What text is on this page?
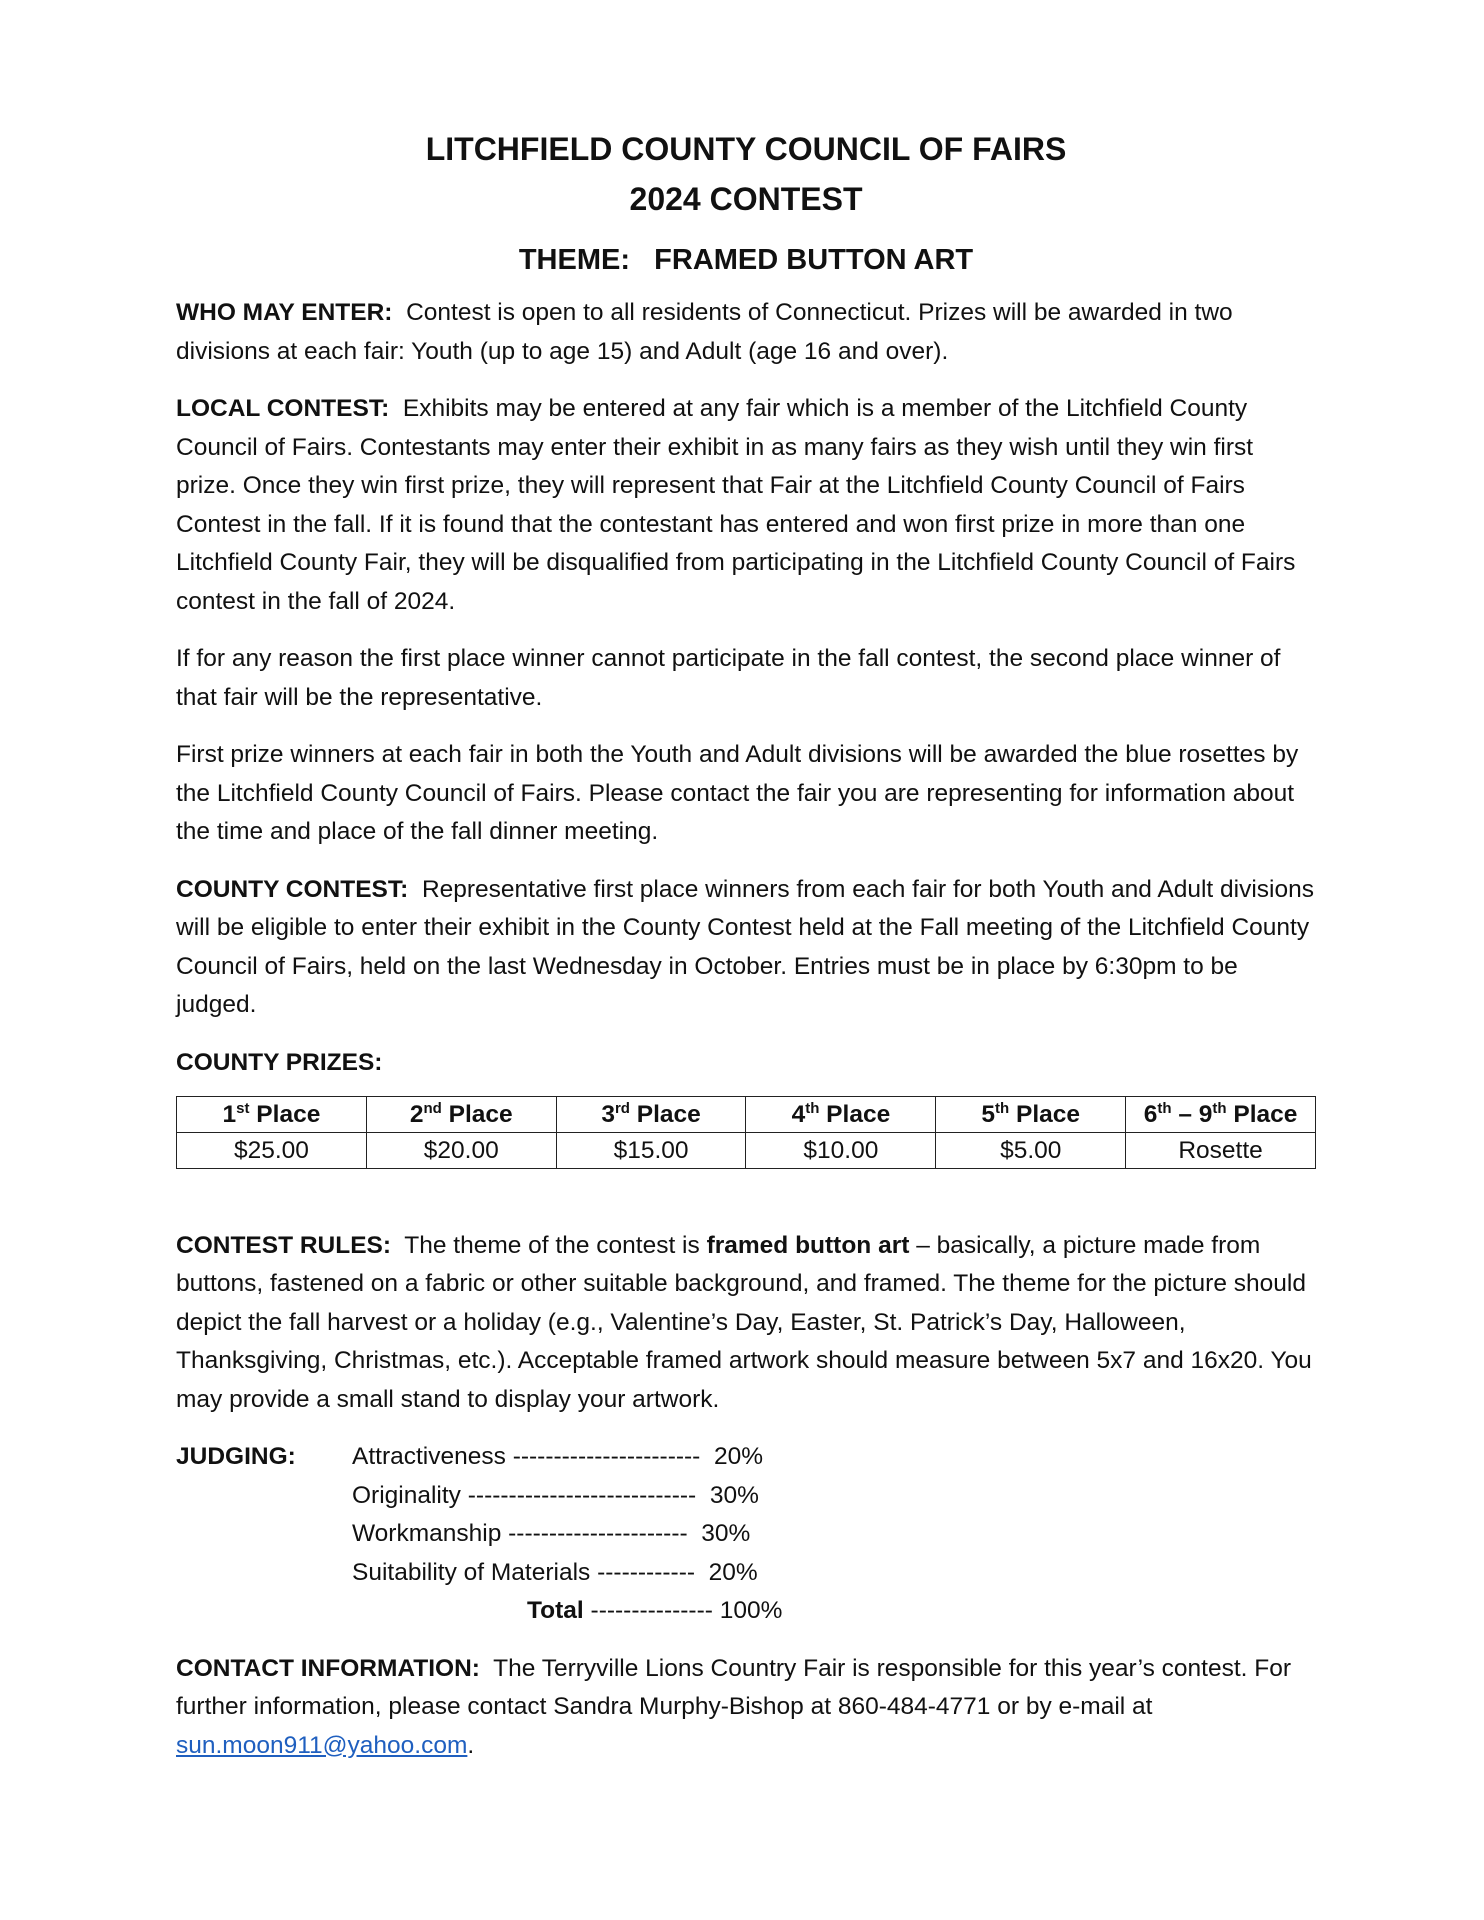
LITCHFIELD COUNTY COUNCIL OF FAIRS
2024 CONTEST
THEME:   FRAMED BUTTON ART

WHO MAY ENTER: Contest is open to all residents of Connecticut. Prizes will be awarded in two divisions at each fair: Youth (up to age 15) and Adult (age 16 and over).

LOCAL CONTEST: Exhibits may be entered at any fair which is a member of the Litchfield County Council of Fairs. Contestants may enter their exhibit in as many fairs as they wish until they win first prize. Once they win first prize, they will represent that Fair at the Litchfield County Council of Fairs Contest in the fall. If it is found that the contestant has entered and won first prize in more than one Litchfield County Fair, they will be disqualified from participating in the Litchfield County Council of Fairs contest in the fall of 2024.

If for any reason the first place winner cannot participate in the fall contest, the second place winner of that fair will be the representative.

First prize winners at each fair in both the Youth and Adult divisions will be awarded the blue rosettes by the Litchfield County Council of Fairs. Please contact the fair you are representing for information about the time and place of the fall dinner meeting.

COUNTY CONTEST: Representative first place winners from each fair for both Youth and Adult divisions will be eligible to enter their exhibit in the County Contest held at the Fall meeting of the Litchfield County Council of Fairs, held on the last Wednesday in October. Entries must be in place by 6:30pm to be judged.

COUNTY PRIZES:
1st Place	2nd Place	3rd Place	4th Place	5th Place	6th – 9th Place
$25.00	$20.00	$15.00	$10.00	$5.00	Rosette

CONTEST RULES: The theme of the contest is framed button art – basically, a picture made from buttons, fastened on a fabric or other suitable background, and framed. The theme for the picture should depict the fall harvest or a holiday (e.g., Valentine’s Day, Easter, St. Patrick’s Day, Halloween, Thanksgiving, Christmas, etc.). Acceptable framed artwork should measure between 5x7 and 16x20. You may provide a small stand to display your artwork.

JUDGING: Attractiveness ----------------------- 20%
Originality ---------------------------- 30%
Workmanship ---------------------- 30%
Suitability of Materials ------------ 20%
Total --------------- 100%

CONTACT INFORMATION: The Terryville Lions Country Fair is responsible for this year’s contest. For further information, please contact Sandra Murphy-Bishop at 860-484-4771 or by e-mail at sun.moon911@yahoo.com.
